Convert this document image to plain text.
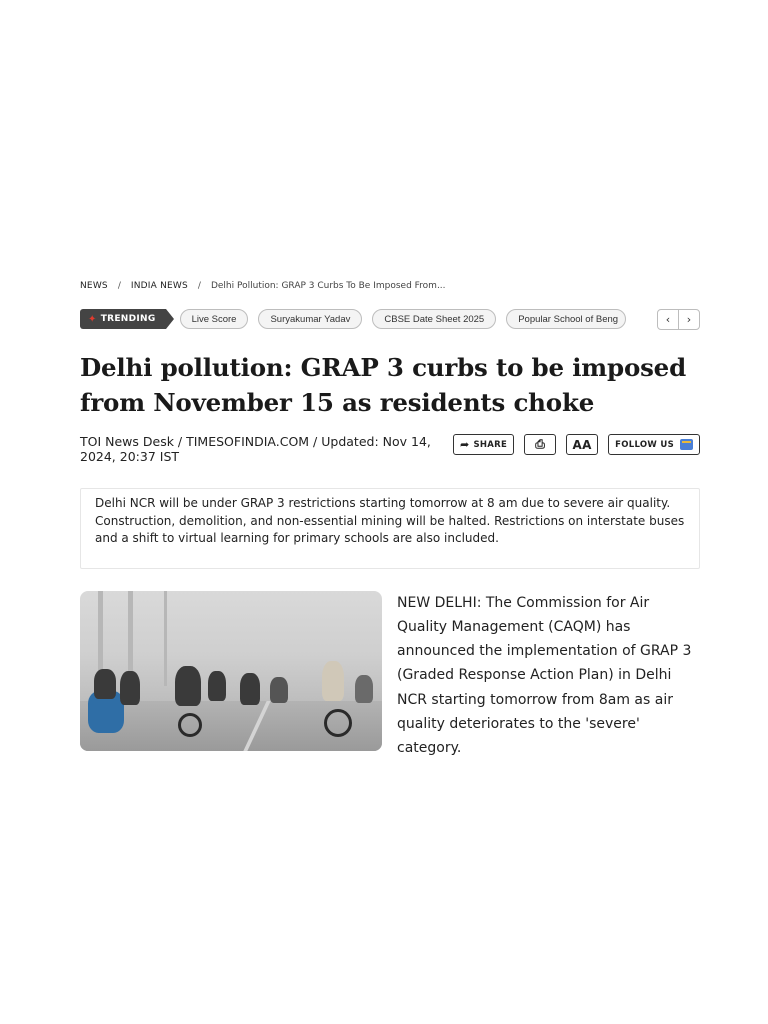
NEWS / INDIA NEWS / Delhi Pollution: GRAP 3 Curbs To Be Imposed From...
✦ TRENDING	Live Score	Suryakumar Yadav	CBSE Date Sheet 2025	Popular School of Beng	‹	›
Delhi pollution: GRAP 3 curbs to be imposed from November 15 as residents choke
TOI News Desk / TIMESOFINDIA.COM / Updated: Nov 14, 2024, 20:37 IST
➦ SHARE ⎙ AA	FOLLOW US
Delhi NCR will be under GRAP 3 restrictions starting tomorrow at 8 am due to severe air quality. Construction, demolition, and non-essential mining will be halted. Restrictions on interstate buses and a shift to virtual learning for primary schools are also included.
NEW DELHI: The Commission for Air Quality Management (CAQM) has announced the implementation of GRAP 3 (Graded Response Action Plan) in Delhi NCR starting tomorrow from 8am as air quality deteriorates to the 'severe' category.
